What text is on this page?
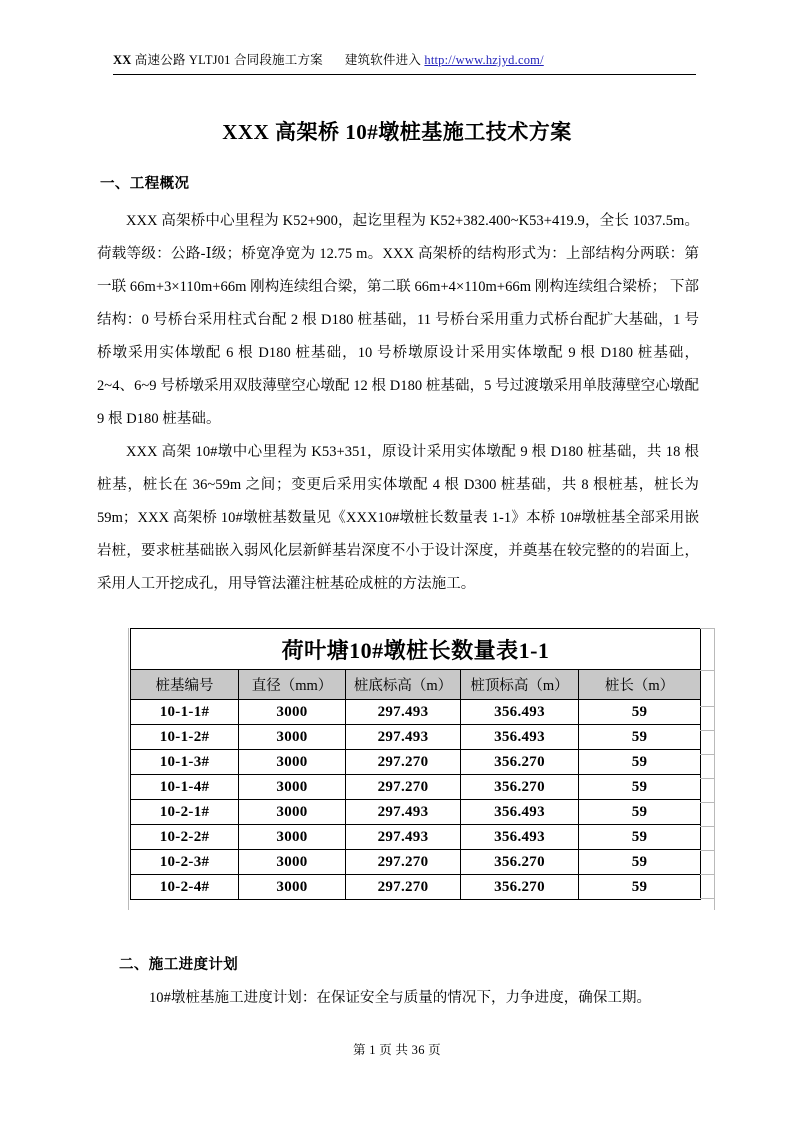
XX 高速公路 YLTJ01 合同段施工方案 建筑软件进入 http://www.hzjyd.com/
XXX 高架桥 10#墩桩基施工技术方案
一、工程概况

XXX 高架桥中心里程为 K52+900，起讫里程为 K52+382.400~K53+419.9，全长 1037.5m。荷载等级：公路-Ⅰ级；桥宽净宽为 12.75 m。XXX 高架桥的结构形式为：上部结构分两联：第一联 66m+3×110m+66m 刚构连续组合梁，第二联 66m+4×110m+66m 刚构连续组合梁桥； 下部结构：0 号桥台采用柱式台配 2 根 D180 桩基础，11 号桥台采用重力式桥台配扩大基础，1 号桥墩采用实体墩配 6 根 D180 桩基础，10 号桥墩原设计采用实体墩配 9 根 D180 桩基础， 2~4、6~9 号桥墩采用双肢薄壁空心墩配 12 根 D180 桩基础，5 号过渡墩采用单肢薄壁空心墩配 9 根 D180 桩基础。

XXX 高架 10#墩中心里程为 K53+351，原设计采用实体墩配 9 根 D180 桩基础，共 18 根桩基，桩长在 36~59m 之间；变更后采用实体墩配 4 根 D300 桩基础，共 8 根桩基，桩长为 59m；XXX 高架桥 10#墩桩基数量见《XXX10#墩桩长数量表 1-1》本桥 10#墩桩基全部采用嵌岩桩，要求桩基础嵌入弱风化层新鲜基岩深度不小于设计深度，并奠基在较完整的的岩面上，采用人工开挖成孔，用导管法灌注桩基砼成桩的方法施工。

荷叶塘10#墩桩长数量表1-1				
桩基编号	直径（mm）	桩底标高（m）	桩顶标高（m）	桩长（m）
10-1-1#	3000	297.493	356.493	59
10-1-2#	3000	297.493	356.493	59
10-1-3#	3000	297.270	356.270	59
10-1-4#	3000	297.270	356.270	59
10-2-1#	3000	297.493	356.493	59
10-2-2#	3000	297.493	356.493	59
10-2-3#	3000	297.270	356.270	59
10-2-4#	3000	297.270	356.270	59
二、施工进度计划

10#墩桩基施工进度计划：在保证安全与质量的情况下，力争进度，确保工期。

第 1 页 共 36 页
